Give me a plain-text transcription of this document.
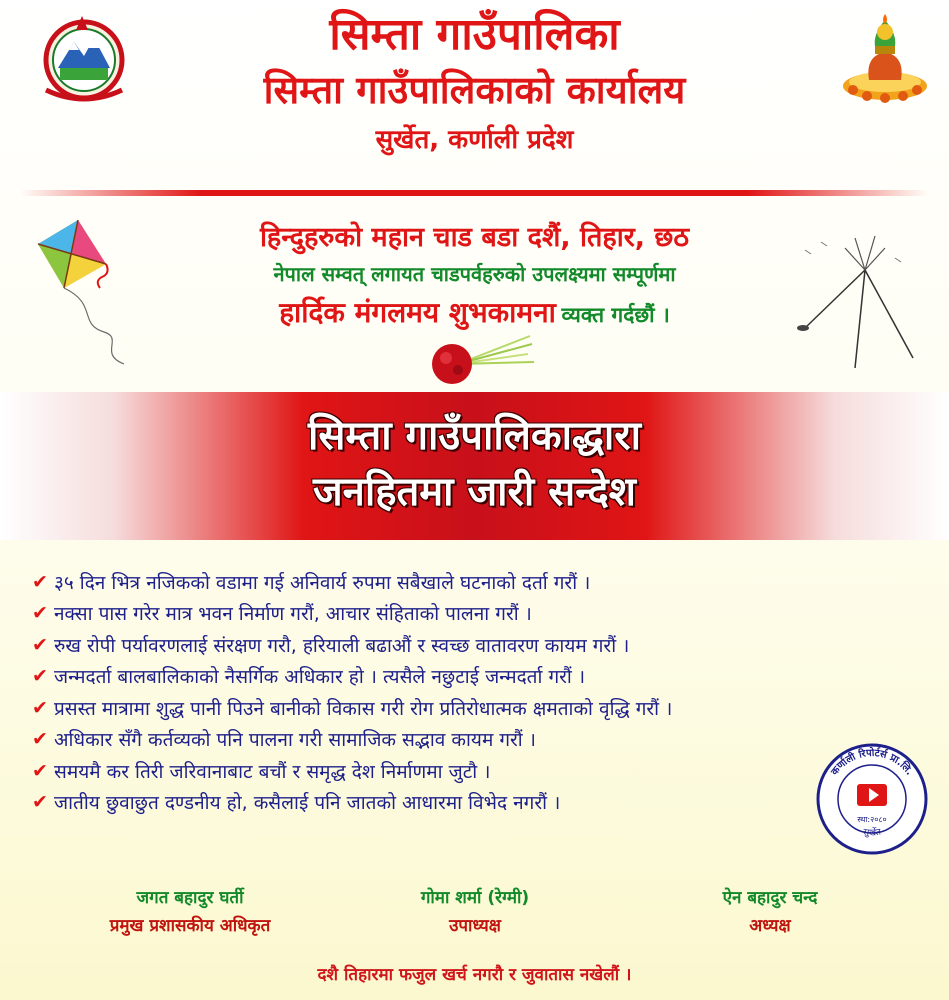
सिम्ता गाउँपालिका
सिम्ता गाउँपालिकाको कार्यालय
सुर्खेत, कर्णाली प्रदेश
हिन्दुहरुको महान चाड बडा दशैं, तिहार, छठ
नेपाल सम्वत् लगायत चाडपर्वहरुको उपलक्ष्यमा सम्पूर्णमा
हार्दिक मंगलमय शुभकामना व्यक्त गर्दछौं ।
सिम्ता गाउँपालिकाद्धारा
जनहितमा जारी सन्देश
✔ ३५ दिन भित्र नजिकको वडामा गई अनिवार्य रुपमा सबैखाले घटनाको दर्ता गरौं ।
✔ नक्सा पास गरेर मात्र भवन निर्माण गरौं, आचार संहिताको पालना गरौं ।
✔ रुख रोपी पर्यावरणलाई संरक्षण गरौ, हरियाली बढाऔं र स्वच्छ वातावरण कायम गरौं ।
✔ जन्मदर्ता बालबालिकाको नैसर्गिक अधिकार हो । त्यसैले नछुटाई जन्मदर्ता गरौं ।
✔ प्रसस्त मात्रामा शुद्ध पानी पिउने बानीको विकास गरी रोग प्रतिरोधात्मक क्षमताको वृद्धि गरौं ।
✔ अधिकार सँगै कर्तव्यको पनि पालना गरी सामाजिक सद्भाव कायम गरौं ।
✔ समयमै कर तिरी जरिवानाबाट बचौं र समृद्ध देश निर्माणमा जुटौ ।
✔ जातीय छुवाछुत दण्डनीय हो, कसैलाई पनि जातको आधारमा विभेद नगरौं ।
कर्णाली रिपोर्टर्स प्रा.लि.
सुर्खेत
स्था:२०८०
जगत बहादुर घर्ती
प्रमुख प्रशासकीय अधिकृत
गोमा शर्मा (रेग्मी)
उपाध्यक्ष
ऐन बहादुर चन्द
अध्यक्ष
दशै तिहारमा फजुल खर्च नगरौ र जुवातास नखेलौं ।
